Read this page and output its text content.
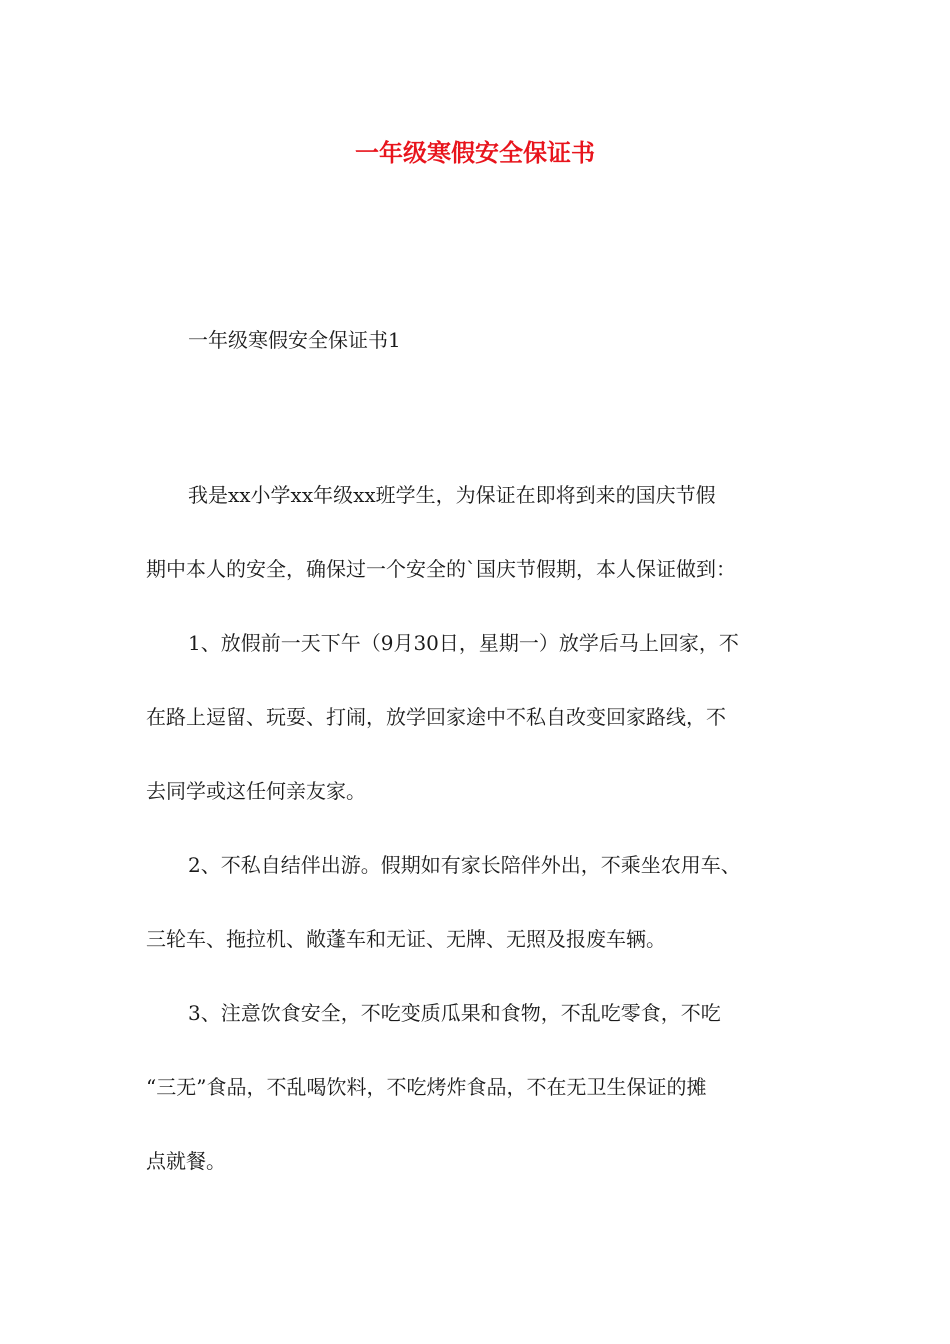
一年级寒假安全保证书

一年级寒假安全保证书1

我是xx小学xx年级xx班学生，为保证在即将到来的国庆节假
期中本人的安全，确保过一个安全的`国庆节假期，本人保证做到：
1、放假前一天下午（9月30日，星期一）放学后马上回家，不
在路上逗留、玩耍、打闹，放学回家途中不私自改变回家路线，不
去同学或这任何亲友家。
2、不私自结伴出游。假期如有家长陪伴外出，不乘坐农用车、
三轮车、拖拉机、敞蓬车和无证、无牌、无照及报废车辆。
3、注意饮食安全，不吃变质瓜果和食物，不乱吃零食，不吃
“三无”食品，不乱喝饮料，不吃烤炸食品，不在无卫生保证的摊
点就餐。
